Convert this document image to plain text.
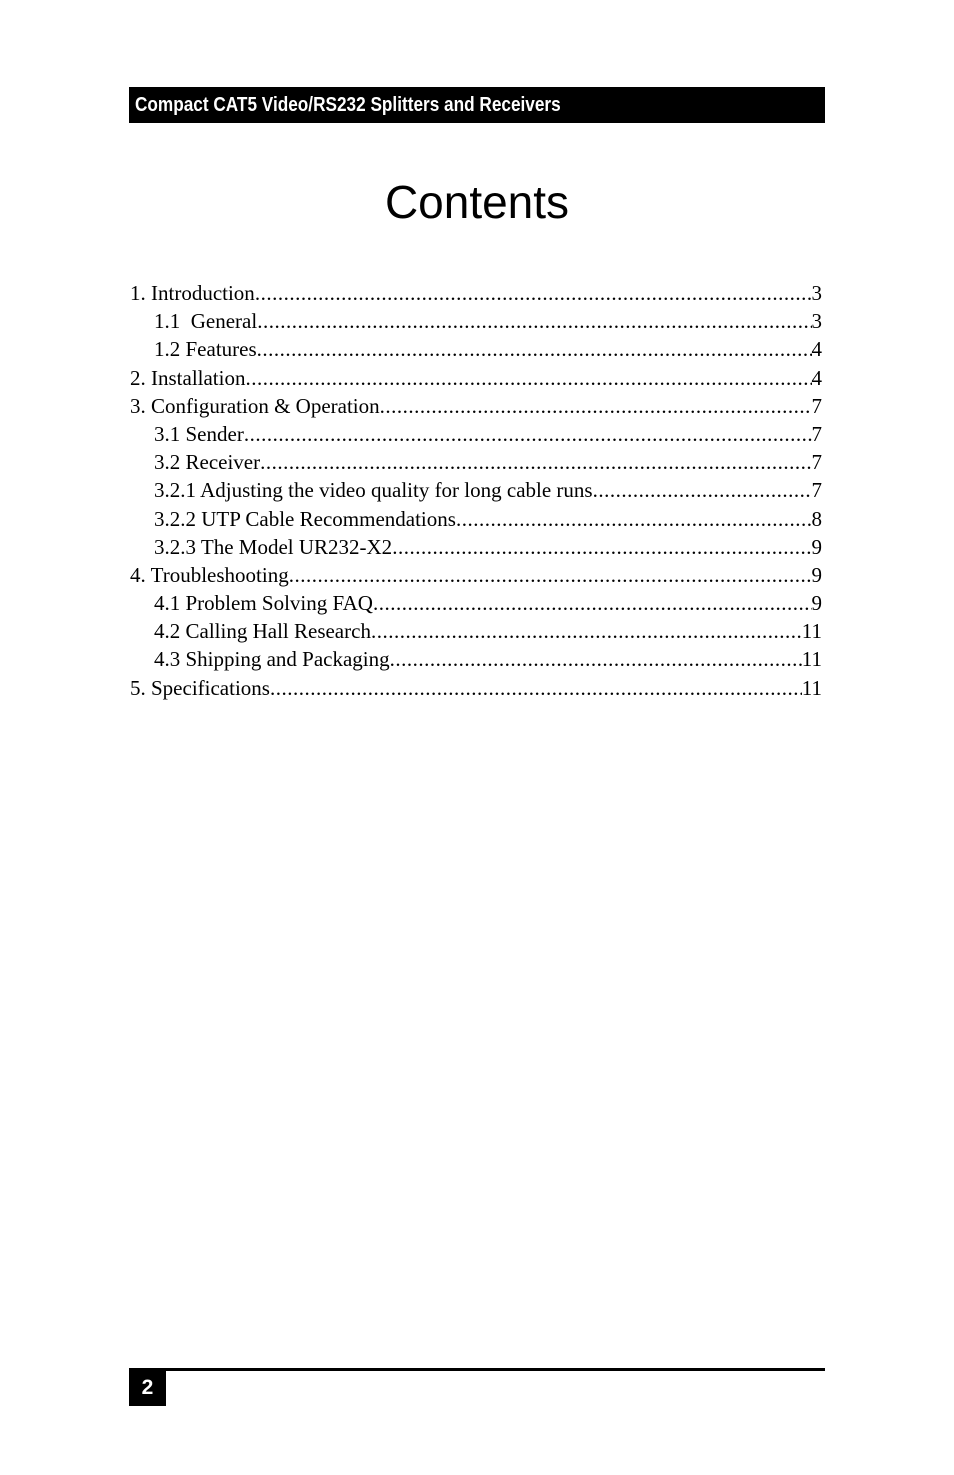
Compact CAT5 Video/RS232 Splitters and Receivers
Contents
1. Introduction .....	3
1.1  General .....	3
1.2 Features .....	4
2. Installation .....	4
3. Configuration & Operation .....	7
3.1 Sender .....	7
3.2 Receiver .....	7
3.2.1 Adjusting the video quality for long cable runs .....	7
3.2.2 UTP Cable Recommendations .....	8
3.2.3 The Model UR232-X2 .....	9
4. Troubleshooting .....	9
4.1 Problem Solving FAQ .....	9
4.2 Calling Hall Research .....	11
4.3 Shipping and Packaging .....	11
5. Specifications .....	11
2
